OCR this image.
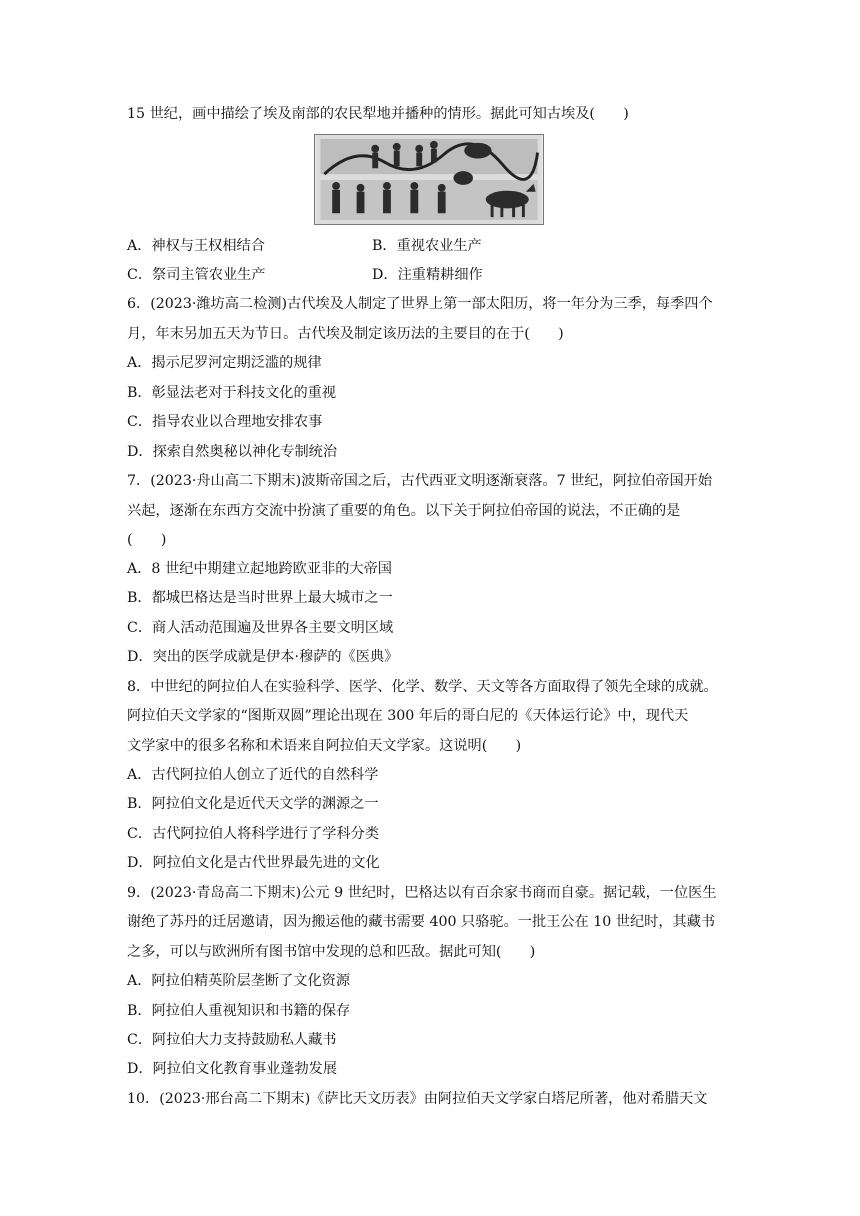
15 世纪，画中描绘了埃及南部的农民犁地并播种的情形。据此可知古埃及(　　)
A．神权与王权相结合	B．重视农业生产
C．祭司主管农业生产	D．注重精耕细作
6．(2023·潍坊高二检测)古代埃及人制定了世界上第一部太阳历，将一年分为三季，每季四个
月，年末另加五天为节日。古代埃及制定该历法的主要目的在于(　　)
A．揭示尼罗河定期泛滥的规律
B．彰显法老对于科技文化的重视
C．指导农业以合理地安排农事
D．探索自然奥秘以神化专制统治
7．(2023·舟山高二下期末)波斯帝国之后，古代西亚文明逐渐衰落。7 世纪，阿拉伯帝国开始
兴起，逐渐在东西方交流中扮演了重要的角色。以下关于阿拉伯帝国的说法，不正确的是
(　　)
A．8 世纪中期建立起地跨欧亚非的大帝国
B．都城巴格达是当时世界上最大城市之一
C．商人活动范围遍及世界各主要文明区域
D．突出的医学成就是伊本·穆萨的《医典》
8．中世纪的阿拉伯人在实验科学、医学、化学、数学、天文等各方面取得了领先全球的成就。
阿拉伯天文学家的“图斯双圆”理论出现在 300 年后的哥白尼的《天体运行论》中，现代天
文学家中的很多名称和术语来自阿拉伯天文学家。这说明(　　)
A．古代阿拉伯人创立了近代的自然科学
B．阿拉伯文化是近代天文学的渊源之一
C．古代阿拉伯人将科学进行了学科分类
D．阿拉伯文化是古代世界最先进的文化
9．(2023·青岛高二下期末)公元 9 世纪时，巴格达以有百余家书商而自豪。据记载，一位医生
谢绝了苏丹的迁居邀请，因为搬运他的藏书需要 400 只骆驼。一批王公在 10 世纪时，其藏书
之多，可以与欧洲所有图书馆中发现的总和匹敌。据此可知(　　)
A．阿拉伯精英阶层垄断了文化资源
B．阿拉伯人重视知识和书籍的保存
C．阿拉伯大力支持鼓励私人藏书
D．阿拉伯文化教育事业蓬勃发展
10．(2023·邢台高二下期末)《萨比天文历表》由阿拉伯天文学家白塔尼所著，他对希腊天文
